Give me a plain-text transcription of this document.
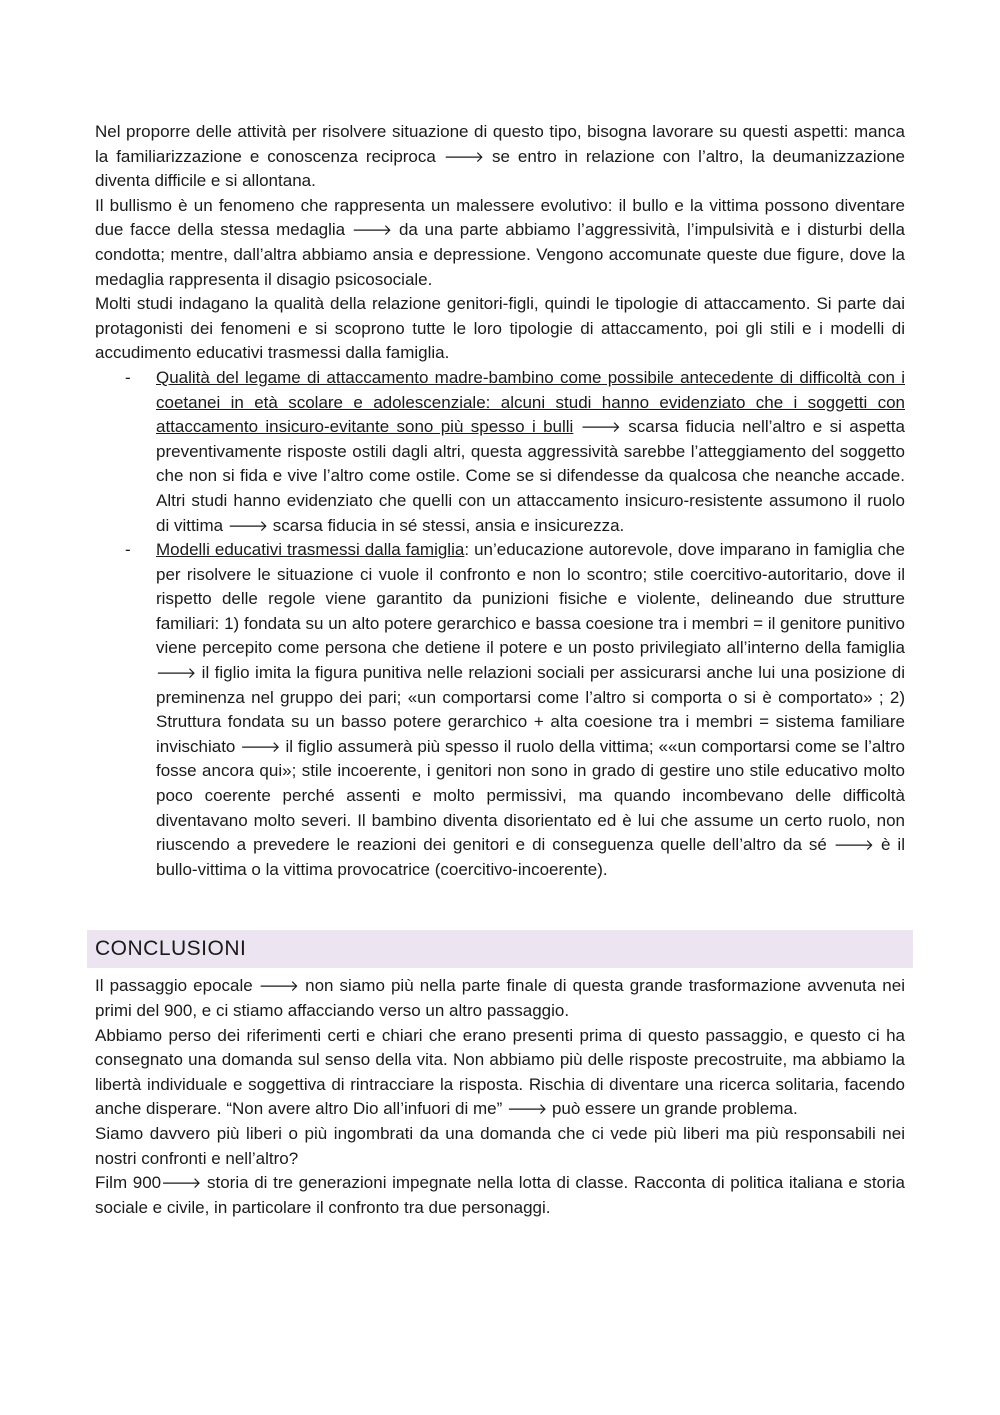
Nel proporre delle attività per risolvere situazione di questo tipo, bisogna lavorare su questi aspetti: manca la familiarizzazione e conoscenza reciproca 🡒 se entro in relazione con l’altro, la deumanizzazione diventa difficile e si allontana.

Il bullismo è un fenomeno che rappresenta un malessere evolutivo: il bullo e la vittima possono diventare due facce della stessa medaglia 🡒 da una parte abbiamo l’aggressività, l’impulsività e i disturbi della condotta; mentre, dall’altra abbiamo ansia e depressione. Vengono accomunate queste due figure, dove la medaglia rappresenta il disagio psicosociale.

Molti studi indagano la qualità della relazione genitori-figli, quindi le tipologie di attaccamento. Si parte dai protagonisti dei fenomeni e si scoprono tutte le loro tipologie di attaccamento, poi gli stili e i modelli di accudimento educativi trasmessi dalla famiglia.

- Qualità del legame di attaccamento madre-bambino come possibile antecedente di difficoltà con i coetanei in età scolare e adolescenziale: alcuni studi hanno evidenziato che i soggetti con attaccamento insicuro-evitante sono più spesso i bulli 🡒 scarsa fiducia nell’altro e si aspetta preventivamente risposte ostili dagli altri, questa aggressività sarebbe l’atteggiamento del soggetto che non si fida e vive l’altro come ostile. Come se si difendesse da qualcosa che neanche accade. Altri studi hanno evidenziato che quelli con un attaccamento insicuro-resistente assumono il ruolo di vittima 🡒 scarsa fiducia in sé stessi, ansia e insicurezza.
- Modelli educativi trasmessi dalla famiglia: un’educazione autorevole, dove imparano in famiglia che per risolvere le situazione ci vuole il confronto e non lo scontro; stile coercitivo-autoritario, dove il rispetto delle regole viene garantito da punizioni fisiche e violente, delineando due strutture familiari: 1) fondata su un alto potere gerarchico e bassa coesione tra i membri = il genitore punitivo viene percepito come persona che detiene il potere e un posto privilegiato all’interno della famiglia 🡒 il figlio imita la figura punitiva nelle relazioni sociali per assicurarsi anche lui una posizione di preminenza nel gruppo dei pari; «un comportarsi come l’altro si comporta o si è comportato» ; 2) Struttura fondata su un basso potere gerarchico + alta coesione tra i membri = sistema familiare invischiato 🡒 il figlio assumerà più spesso il ruolo della vittima; ««un comportarsi come se l’altro fosse ancora qui»; stile incoerente, i genitori non sono in grado di gestire uno stile educativo molto poco coerente perché assenti e molto permissivi, ma quando incombevano delle difficoltà diventavano molto severi. Il bambino diventa disorientato ed è lui che assume un certo ruolo, non riuscendo a prevedere le reazioni dei genitori e di conseguenza quelle dell’altro da sé 🡒 è il bullo-vittima o la vittima provocatrice (coercitivo-incoerente).
CONCLUSIONI

Il passaggio epocale 🡒 non siamo più nella parte finale di questa grande trasformazione avvenuta nei primi del 900, e ci stiamo affacciando verso un altro passaggio.

Abbiamo perso dei riferimenti certi e chiari che erano presenti prima di questo passaggio, e questo ci ha consegnato una domanda sul senso della vita. Non abbiamo più delle risposte precostruite, ma abbiamo la libertà individuale e soggettiva di rintracciare la risposta. Rischia di diventare una ricerca solitaria, facendo anche disperare. “Non avere altro Dio all’infuori di me” 🡒 può essere un grande problema.

Siamo davvero più liberi o più ingombrati da una domanda che ci vede più liberi ma più responsabili nei nostri confronti e nell’altro?

Film 900🡒 storia di tre generazioni impegnate nella lotta di classe. Racconta di politica italiana e storia sociale e civile, in particolare il confronto tra due personaggi.
